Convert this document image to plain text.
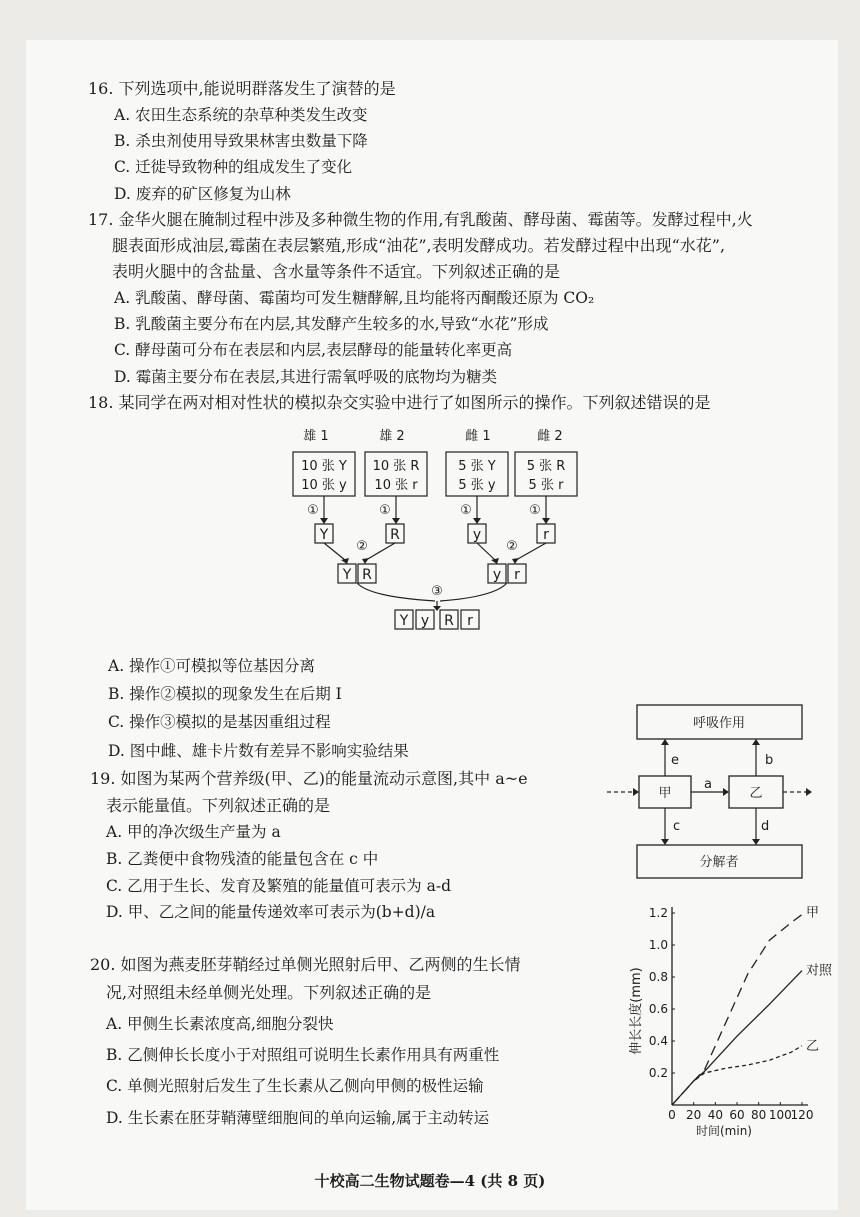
16. 下列选项中,能说明群落发生了演替的是
A. 农田生态系统的杂草种类发生改变
B. 杀虫剂使用导致果林害虫数量下降
C. 迁徙导致物种的组成发生了变化
D. 废弃的矿区修复为山林
17. 金华火腿在腌制过程中涉及多种微生物的作用,有乳酸菌、酵母菌、霉菌等。发酵过程中,火
腿表面形成油层,霉菌在表层繁殖,形成“油花”,表明发酵成功。若发酵过程中出现“水花”,
表明火腿中的含盐量、含水量等条件不适宜。下列叙述正确的是
A. 乳酸菌、酵母菌、霉菌均可发生糖酵解,且均能将丙酮酸还原为 CO₂
B. 乳酸菌主要分布在内层,其发酵产生较多的水,导致“水花”形成
C. 酵母菌可分布在表层和内层,表层酵母的能量转化率更高
D. 霉菌主要分布在表层,其进行需氧呼吸的底物均为糖类
18. 某同学在两对相对性状的模拟杂交实验中进行了如图所示的操作。下列叙述错误的是
雄 1	雄 2	雌 1	雌 2
10 张 Y
10 张 y
10 张 R
10 张 r
5 张 Y
5 张 y
5 张 R
5 张 r
①	①	①	①
Y	R	y	r
②	②
Y R	y r
③
Y y R r
A. 操作①可模拟等位基因分离
B. 操作②模拟的现象发生在后期 I
C. 操作③模拟的是基因重组过程
D. 图中雌、雄卡片数有差异不影响实验结果
19. 如图为某两个营养级(甲、乙)的能量流动示意图,其中 a~e
表示能量值。下列叙述正确的是
A. 甲的净次级生产量为 a
B. 乙粪便中食物残渣的能量包含在 c 中
C. 乙用于生长、发育及繁殖的能量值可表示为 a-d
D. 甲、乙之间的能量传递效率可表示为(b+d)/a
呼吸作用
甲	乙
分解者
a
b
c	d
e
20. 如图为燕麦胚芽鞘经过单侧光照射后甲、乙两侧的生长情
况,对照组未经单侧光处理。下列叙述正确的是
A. 甲侧生长素浓度高,细胞分裂快
B. 乙侧伸长长度小于对照组可说明生长素作用具有两重性
C. 单侧光照射后发生了生长素从乙侧向甲侧的极性运输
D. 生长素在胚芽鞘薄壁细胞间的单向运输,属于主动转运
0.2
0.4
0.6
0.8
1.0
1.2
0 20 40 60 80 100
120
甲
对照
乙
时间(min)
伸长长度(mm)
十校高二生物试题卷—4 (共 8 页)
